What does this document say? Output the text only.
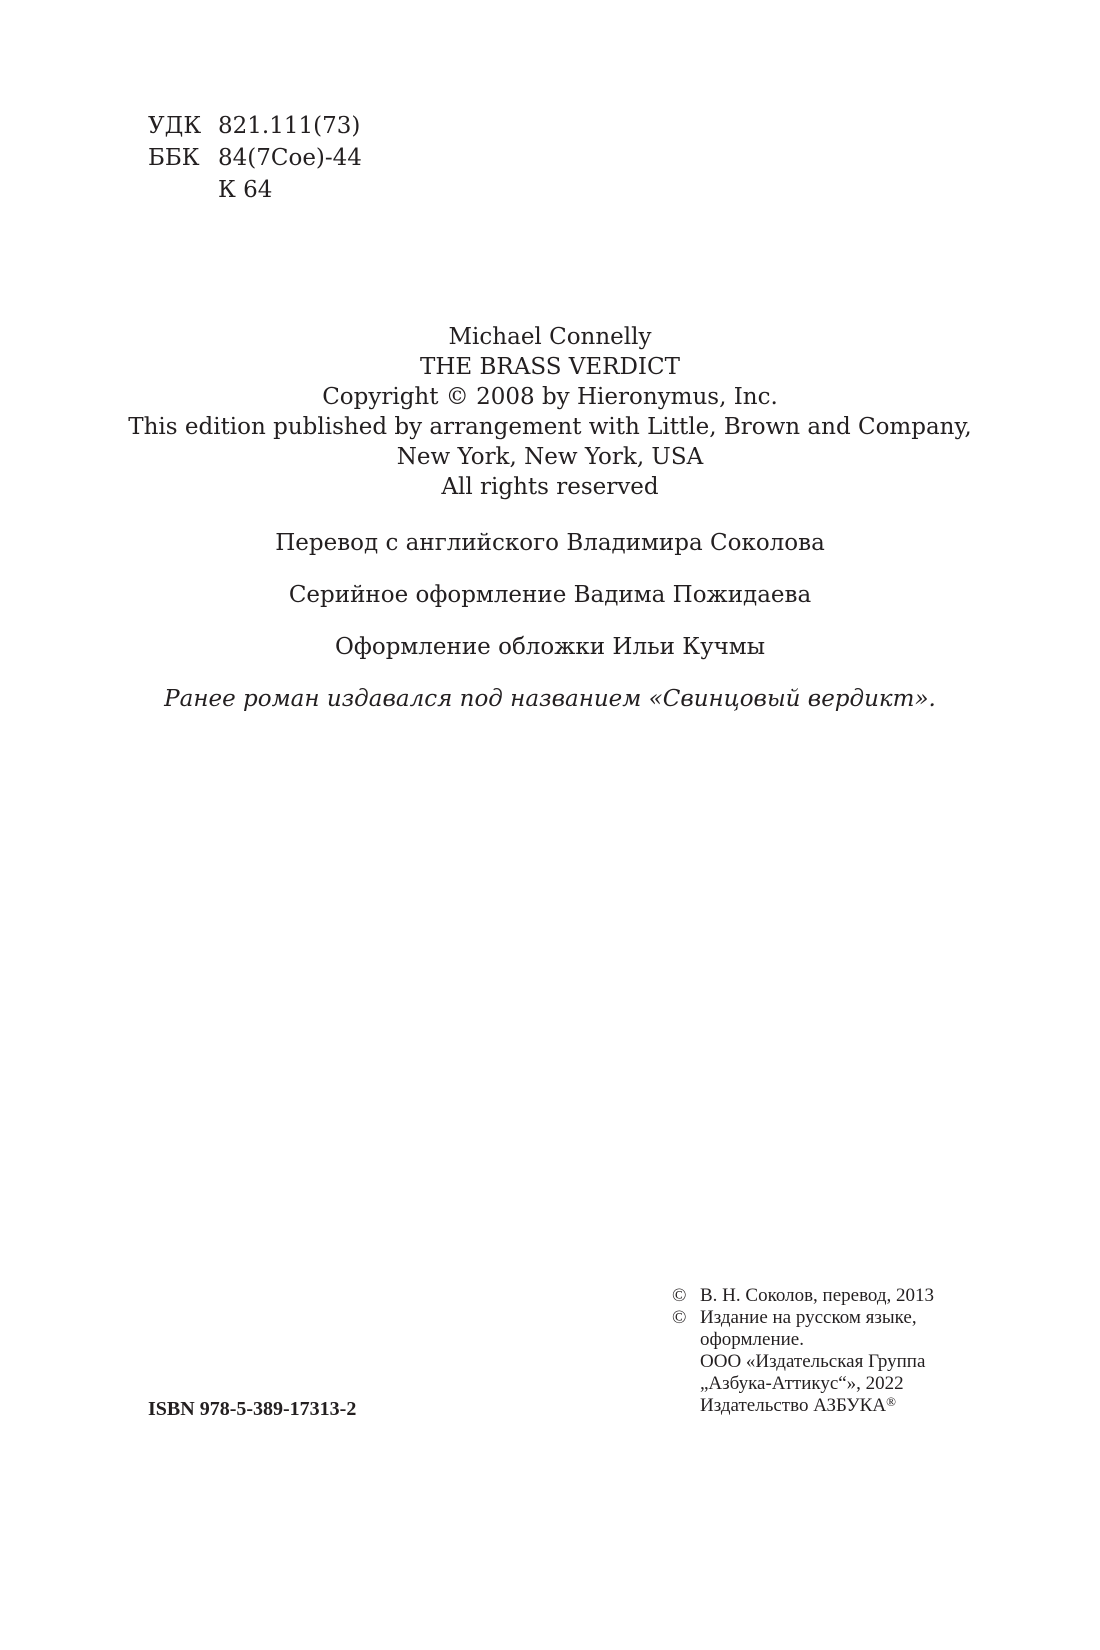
УДК 821.111(73)
ББК 84(7Сое)-44
К 64
Michael Connelly
THE BRASS VERDICT
Copyright © 2008 by Hieronymus, Inc.
This edition published by arrangement with Little, Brown and Company,
New York, New York, USA
All rights reserved
Перевод с английского Владимира Соколова
Серийное оформление Вадима Пожидаева
Оформление обложки Ильи Кучмы
Ранее роман издавался под названием «Свинцовый вердикт».
ISBN 978-5-389-17313-2
© В. Н. Соколов, перевод, 2013
© Издание на русском языке,
оформление.
ООО «Издательская Группа
„Азбука-Аттикус“», 2022
Издательство АЗБУКА®
